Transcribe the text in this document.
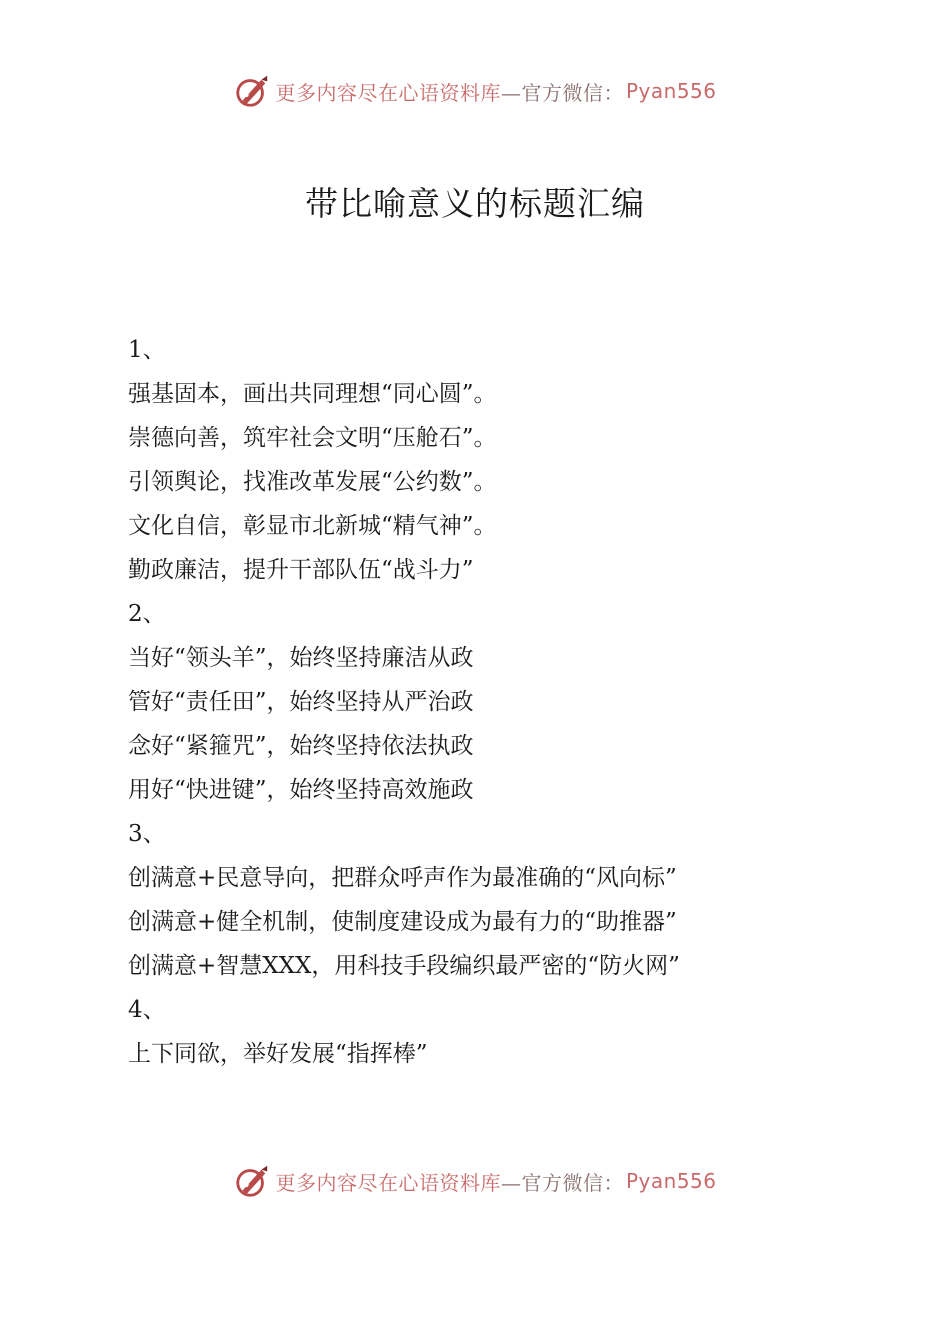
更多内容尽在心语资料库 —官方微信： Pyan556
带比喻意义的标题汇编
1、
强基固本，画出共同理想“同心圆”。
崇德向善，筑牢社会文明“压舱石”。
引领舆论，找准改革发展“公约数”。
文化自信，彰显市北新城“精气神”。
勤政廉洁，提升干部队伍“战斗力”
2、
当好“领头羊”，始终坚持廉洁从政
管好“责任田”，始终坚持从严治政
念好“紧箍咒”，始终坚持依法执政
用好“快进键”，始终坚持高效施政
3、
创满意+民意导向，把群众呼声作为最准确的“风向标”
创满意+健全机制，使制度建设成为最有力的“助推器”
创满意+智慧XXX，用科技手段编织最严密的“防火网”
4、
上下同欲，举好发展“指挥棒”
更多内容尽在心语资料库 —官方微信： Pyan556
